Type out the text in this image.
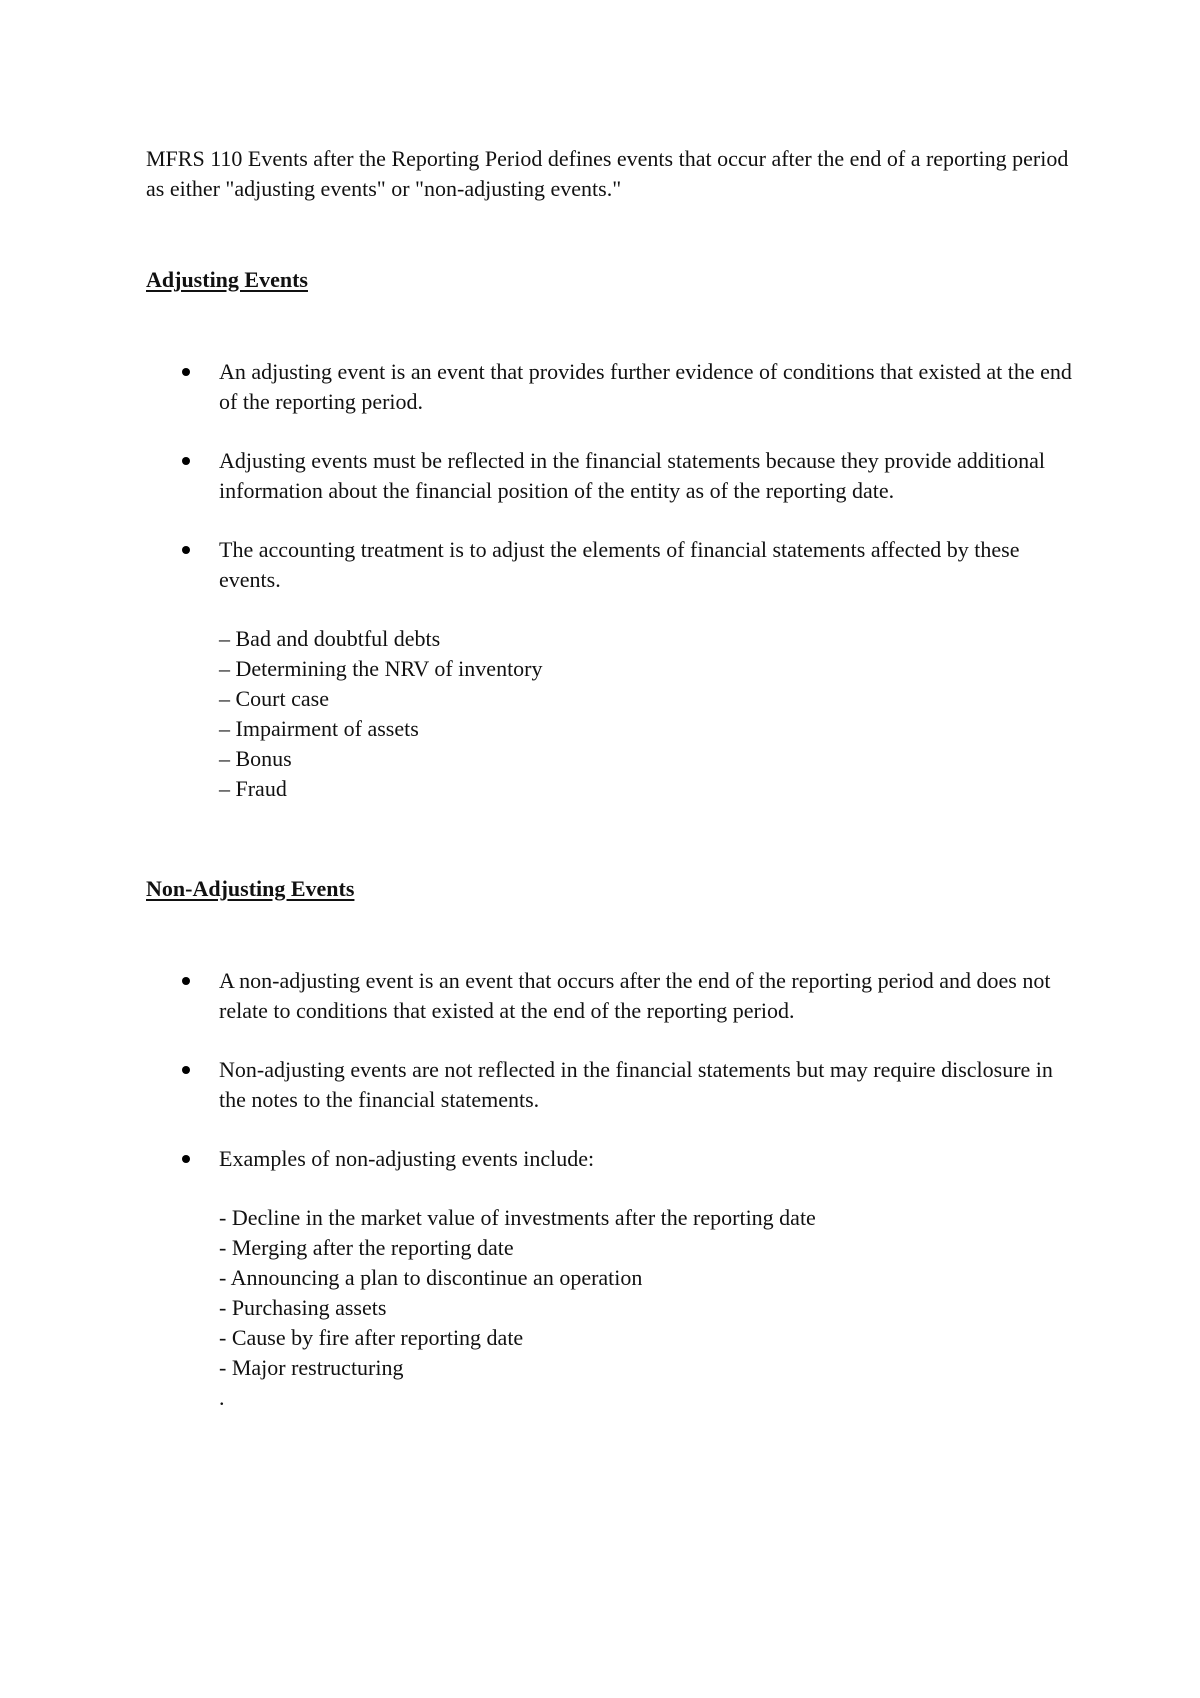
MFRS 110 Events after the Reporting Period defines events that occur after the end of a reporting period as either "adjusting events" or "non-adjusting events."

Adjusting Events

An adjusting event is an event that provides further evidence of conditions that existed at the end of the reporting period.
Adjusting events must be reflected in the financial statements because they provide additional information about the financial position of the entity as of the reporting date.
The accounting treatment is to adjust the elements of financial statements affected by these events.
– Bad and doubtful debts
– Determining the NRV of inventory
– Court case
– Impairment of assets
– Bonus
– Fraud

Non-Adjusting Events

A non-adjusting event is an event that occurs after the end of the reporting period and does not relate to conditions that existed at the end of the reporting period.
Non-adjusting events are not reflected in the financial statements but may require disclosure in the notes to the financial statements.
Examples of non-adjusting events include:
- Decline in the market value of investments after the reporting date
- Merging after the reporting date
- Announcing a plan to discontinue an operation
- Purchasing assets
- Cause by fire after reporting date
- Major restructuring

.
